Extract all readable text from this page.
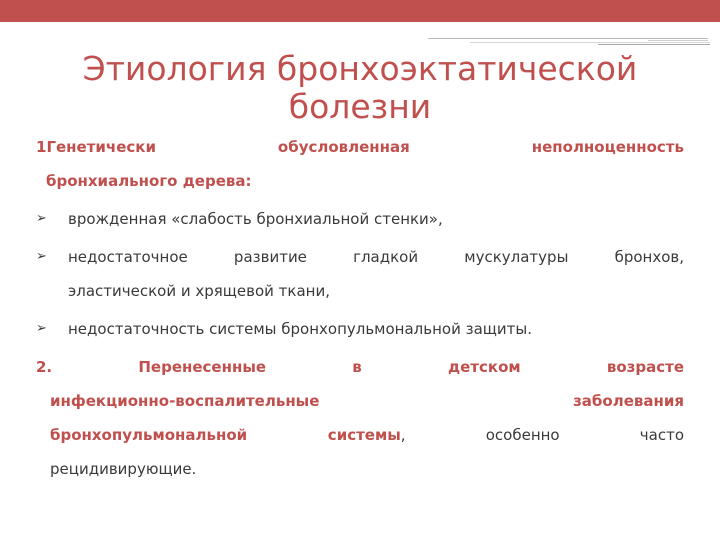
Этиология бронхоэктатической болезни

1Генетически обусловленная неполноценность

бронхиального дерева:

➢	врожденная «слабость бронхиальной стенки»,

➢	недостаточное развитие гладкой мускулатуры бронхов,

эластической и хрящевой ткани,

➢	недостаточность системы бронхопульмональной защиты.

2. Перенесенные в детском возрасте

инфекционно-воспалительные заболевания

бронхопульмональной системы, особенно часто

рецидивирующие.
